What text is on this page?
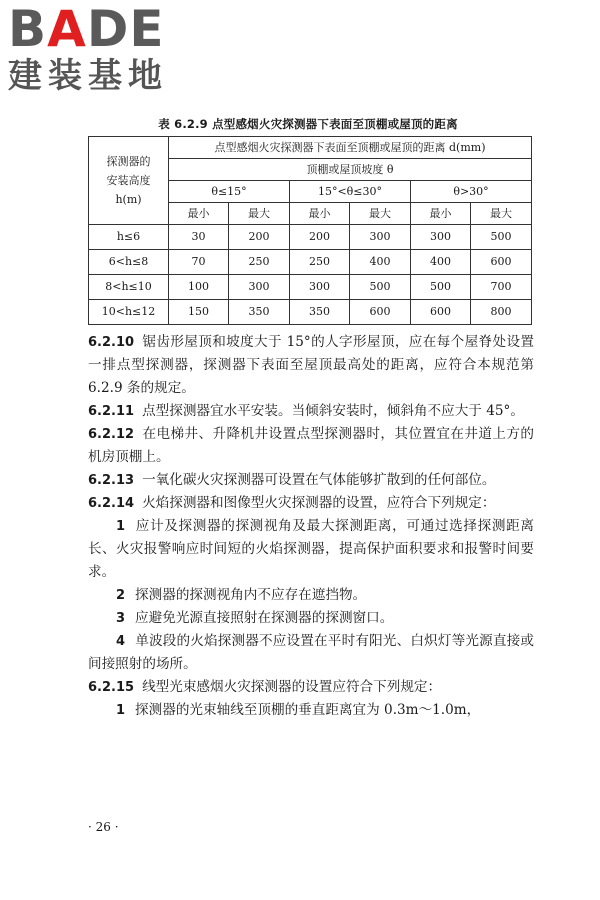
BADE
建装基地
表 6.2.9 点型感烟火灾探测器下表面至顶棚或屋顶的距离
探测器的
安装高度
h(m)	点型感烟火灾探测器下表面至顶棚或屋顶的距离 d(mm)					
	顶棚或屋顶坡度 θ					
	θ≤15°		15°<θ≤30°		θ>30°	
	最小	最大	最小	最大	最小	最大
h≤6	30	200	200	300	300	500
6<h≤8	70	250	250	400	400	600
8<h≤10	100	300	300	500	500	700
10<h≤12	150	350	350	600	600	800

6.2.10 锯齿形屋顶和坡度大于 15°的人字形屋顶，应在每个屋脊处设置一排点型探测器，探测器下表面至屋顶最高处的距离，应符合本规范第 6.2.9 条的规定。

6.2.11 点型探测器宜水平安装。当倾斜安装时，倾斜角不应大于 45°。

6.2.12 在电梯井、升降机井设置点型探测器时，其位置宜在井道上方的机房顶棚上。

6.2.13 一氧化碳火灾探测器可设置在气体能够扩散到的任何部位。

6.2.14 火焰探测器和图像型火灾探测器的设置，应符合下列规定：

1 应计及探测器的探测视角及最大探测距离，可通过选择探测距离长、火灾报警响应时间短的火焰探测器，提高保护面积要求和报警时间要求。

2 探测器的探测视角内不应存在遮挡物。

3 应避免光源直接照射在探测器的探测窗口。

4 单波段的火焰探测器不应设置在平时有阳光、白炽灯等光源直接或间接照射的场所。

6.2.15 线型光束感烟火灾探测器的设置应符合下列规定：

1 探测器的光束轴线至顶棚的垂直距离宜为 0.3m～1.0m，

· 26 ·
